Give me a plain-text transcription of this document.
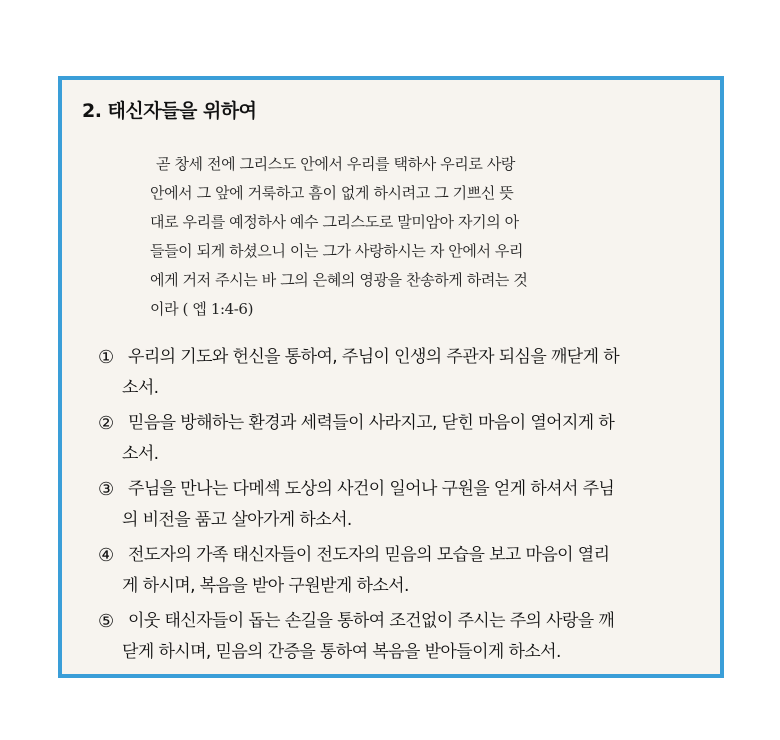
2. 태신자들을 위하여
곧 창세 전에 그리스도 안에서 우리를 택하사 우리로 사랑
안에서 그 앞에 거룩하고 흠이 없게 하시려고 그 기쁘신 뜻
대로 우리를 예정하사 예수 그리스도로 말미암아 자기의 아
들들이 되게 하셨으니 이는 그가 사랑하시는 자 안에서 우리
에게 거저 주시는 바 그의 은혜의 영광을 찬송하게 하려는 것
이라 ( 엡 1:4-6)
① 우리의 기도와 헌신을 통하여, 주님이 인생의 주관자 되심을 깨닫게 하
소서.
② 믿음을 방해하는 환경과 세력들이 사라지고, 닫힌 마음이 열어지게 하
소서.
③ 주님을 만나는 다메섹 도상의 사건이 일어나 구원을 얻게 하셔서 주님
의 비전을 품고 살아가게 하소서.
④ 전도자의 가족 태신자들이 전도자의 믿음의 모습을 보고 마음이 열리
게 하시며, 복음을 받아 구원받게 하소서.
⑤ 이웃 태신자들이 돕는 손길을 통하여 조건없이 주시는 주의 사랑을 깨
닫게 하시며, 믿음의 간증을 통하여 복음을 받아들이게 하소서.
